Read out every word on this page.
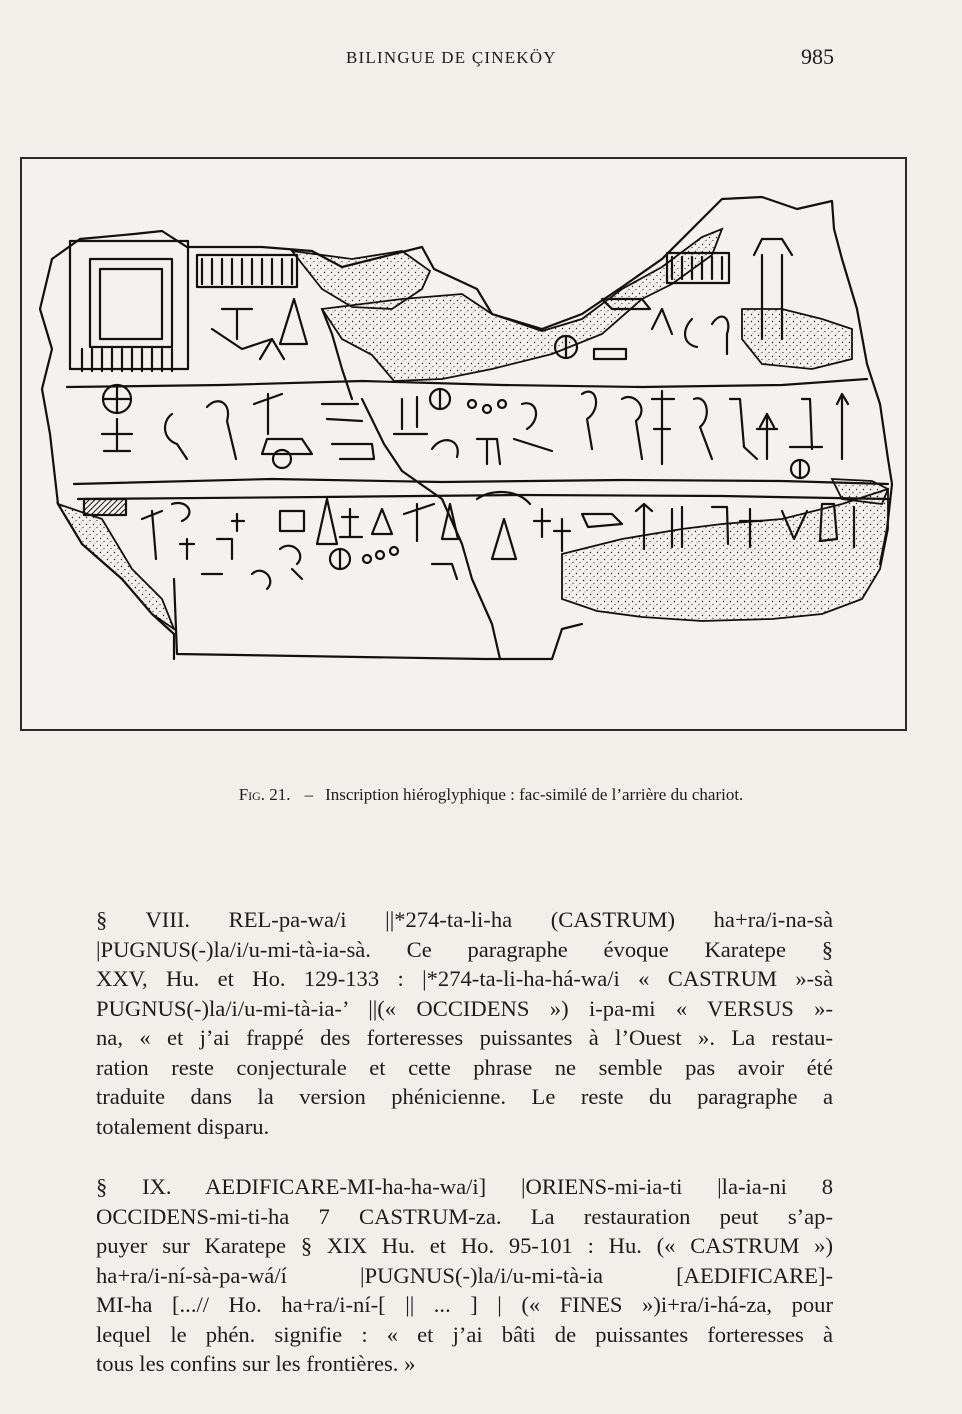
BILINGUE DE ÇINEKÖY	985
Fig. 21. – Inscription hiéroglyphique : fac-similé de l’arrière du chariot.
§ VIII. REL-pa-wa/i ||*274-ta-li-ha (CASTRUM) ha+ra/i-na-sà
|PUGNUS(-)la/i/u-mi-tà-ia-sà. Ce paragraphe évoque Karatepe §
XXV, Hu. et Ho. 129-133 : |*274-ta-li-ha-há-wa/i « CASTRUM »-sà
PUGNUS(-)la/i/u-mi-tà-ia-’ ||(« OCCIDENS ») i-pa-mi « VERSUS »-
na, « et j’ai frappé des forteresses puissantes à l’Ouest ». La restau-
ration reste conjecturale et cette phrase ne semble pas avoir été
traduite dans la version phénicienne. Le reste du paragraphe a
totalement disparu.
§ IX. AEDIFICARE-MI-ha-ha-wa/i] |ORIENS-mi-ia-ti |la-ia-ni 8
OCCIDENS-mi-ti-ha 7 CASTRUM-za. La restauration peut s’ap-
puyer sur Karatepe § XIX Hu. et Ho. 95-101 : Hu. (« CASTRUM »)
ha+ra/i-ní-sà-pa-wá/í |PUGNUS(-)la/i/u-mi-tà-ia [AEDIFICARE]-
MI-ha [...// Ho. ha+ra/i-ní-[ || ... ] | (« FINES »)i+ra/i-há-za, pour
lequel le phén. signifie : « et j’ai bâti de puissantes forteresses à
tous les confins sur les frontières. »
